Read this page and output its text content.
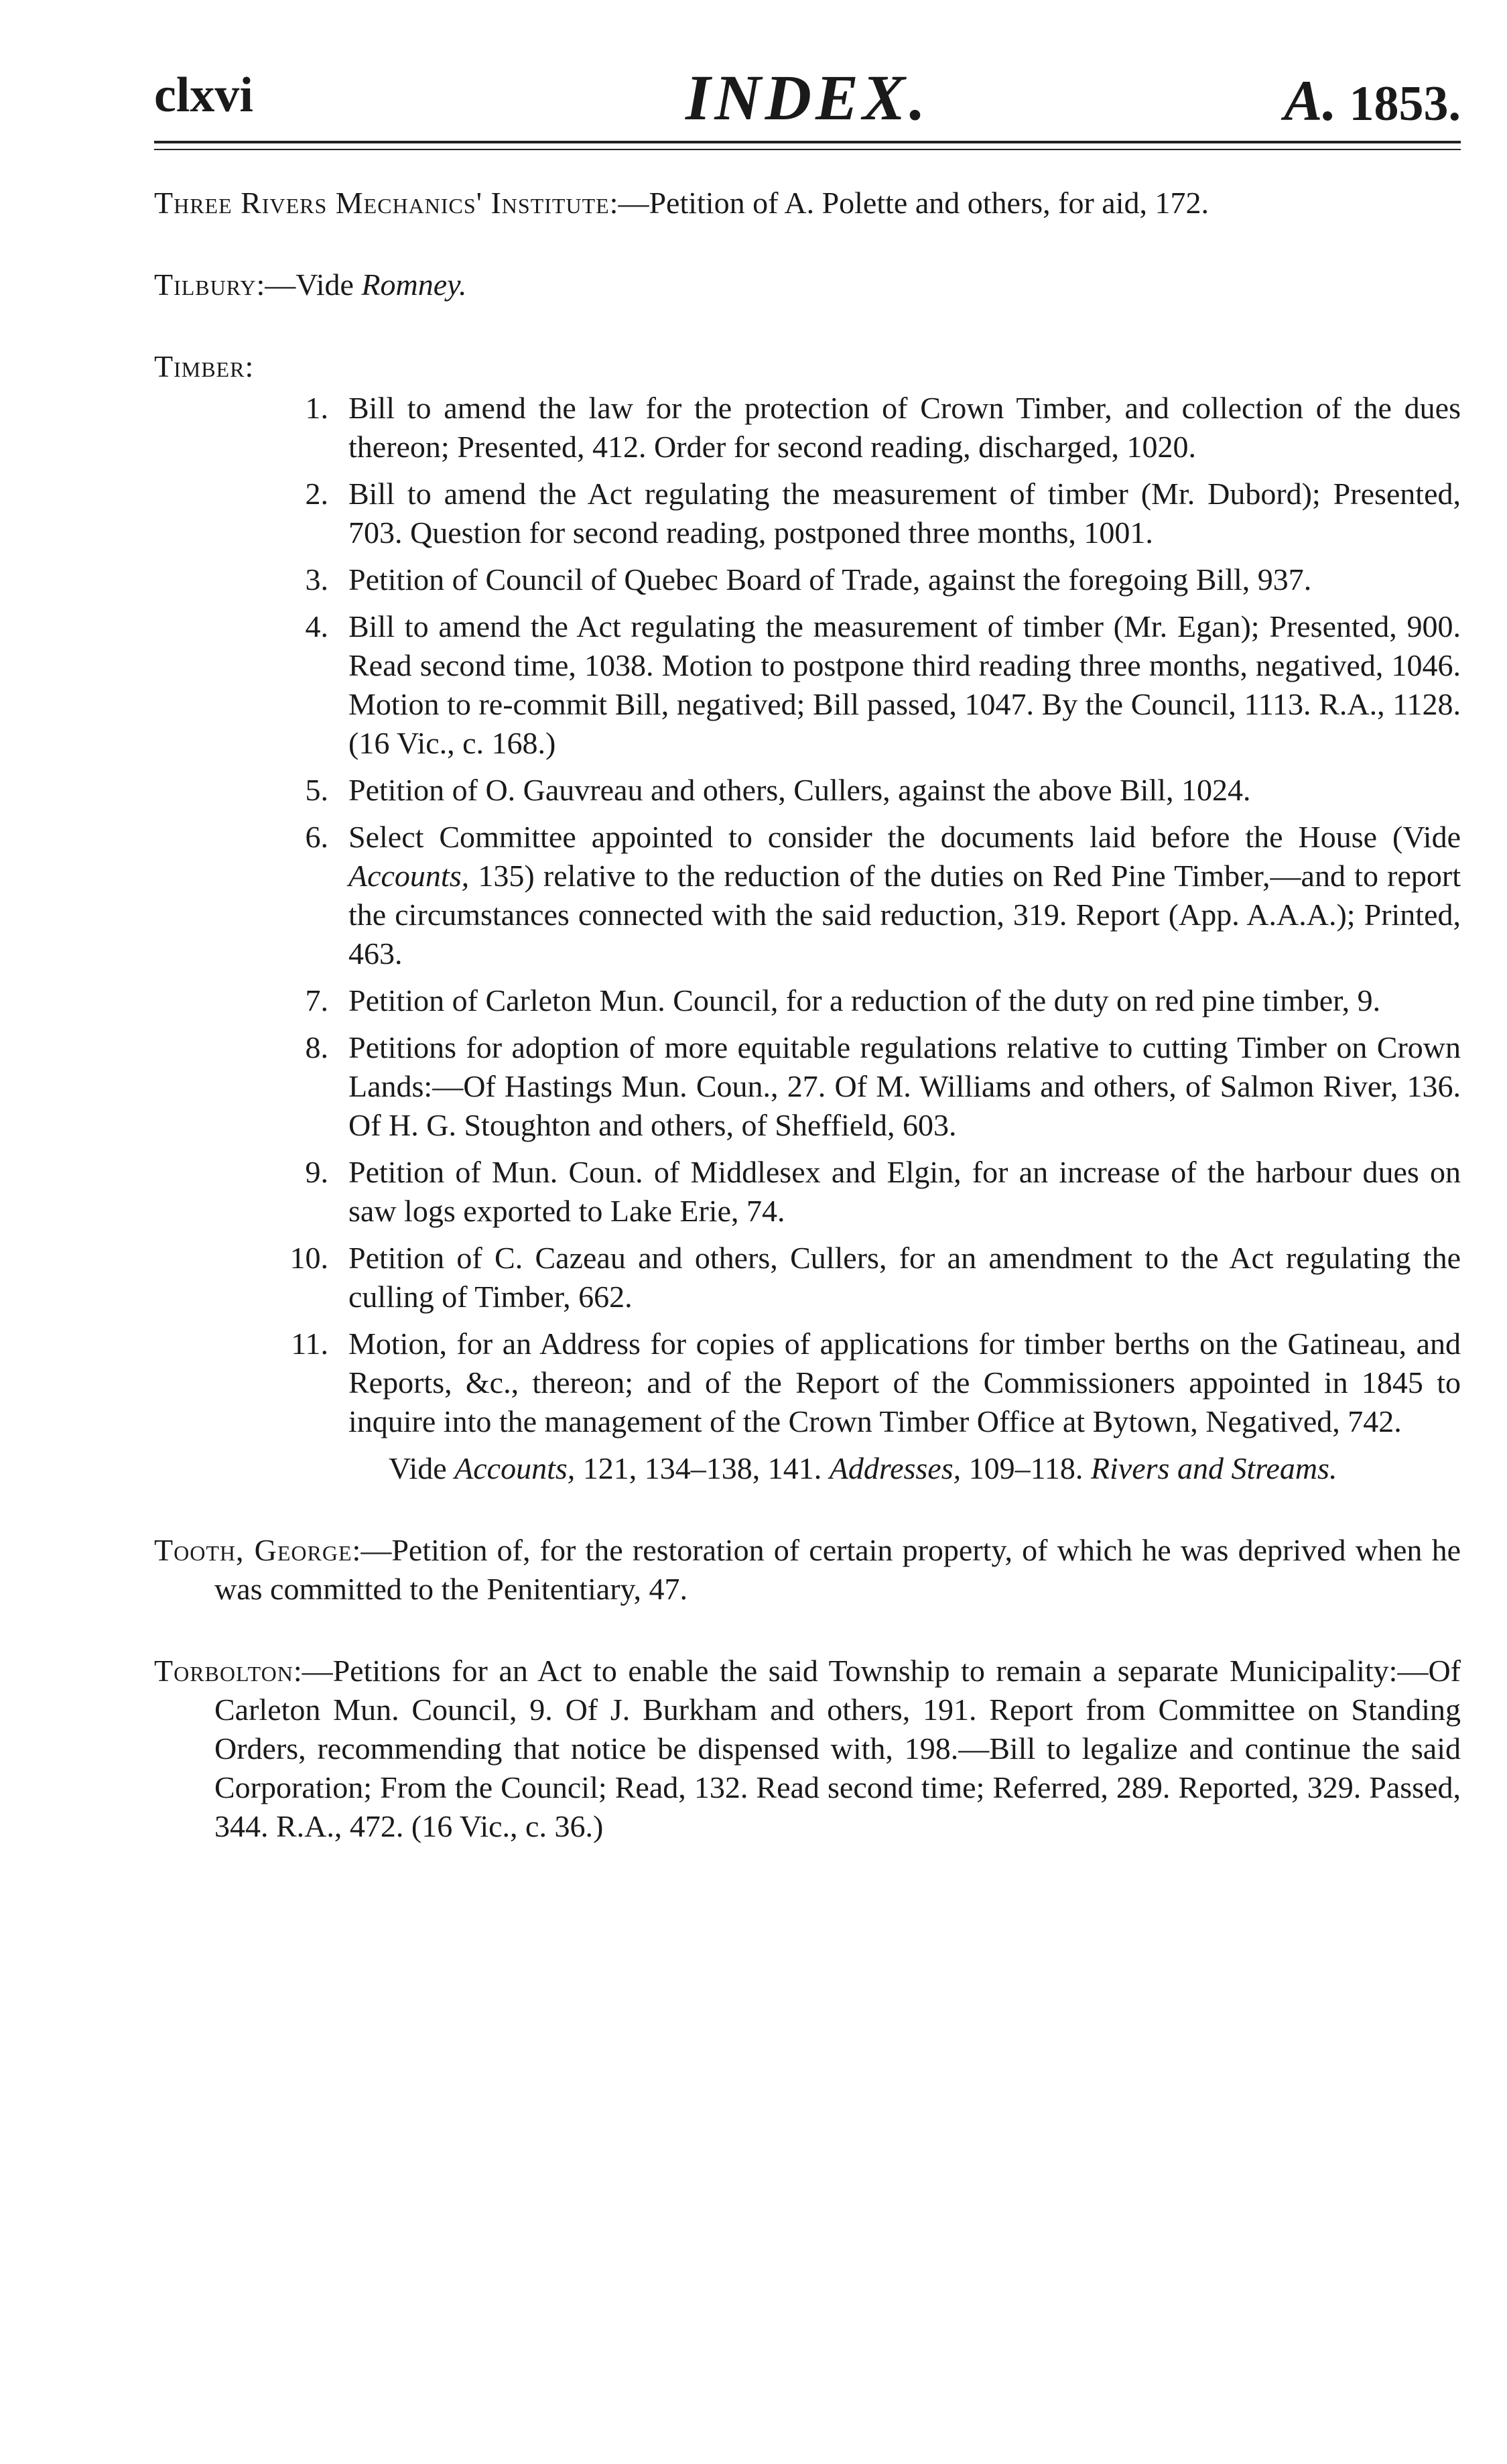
clxvi	INDEX.	A. 1853.

Three Rivers Mechanics' Institute:—Petition of A. Polette and others, for aid, 172.

Tilbury:—Vide Romney.

Timber:

1. Bill to amend the law for the protection of Crown Timber, and collection of the dues thereon; Presented, 412. Order for second reading, discharged, 1020.
2. Bill to amend the Act regulating the measurement of timber (Mr. Dubord); Presented, 703. Question for second reading, postponed three months, 1001.
3. Petition of Council of Quebec Board of Trade, against the foregoing Bill, 937.
4. Bill to amend the Act regulating the measurement of timber (Mr. Egan); Presented, 900. Read second time, 1038. Motion to postpone third reading three months, negatived, 1046. Motion to re-commit Bill, negatived; Bill passed, 1047. By the Council, 1113. R.A., 1128. (16 Vic., c. 168.)
5. Petition of O. Gauvreau and others, Cullers, against the above Bill, 1024.
6. Select Committee appointed to consider the documents laid before the House (Vide Accounts, 135) relative to the reduction of the duties on Red Pine Timber,—and to report the circumstances connected with the said reduction, 319. Report (App. A.A.A.); Printed, 463.
7. Petition of Carleton Mun. Council, for a reduction of the duty on red pine timber, 9.
8. Petitions for adoption of more equitable regulations relative to cutting Timber on Crown Lands:—Of Hastings Mun. Coun., 27. Of M. Williams and others, of Salmon River, 136. Of H. G. Stoughton and others, of Sheffield, 603.
9. Petition of Mun. Coun. of Middlesex and Elgin, for an increase of the harbour dues on saw logs exported to Lake Erie, 74.
10. Petition of C. Cazeau and others, Cullers, for an amendment to the Act regulating the culling of Timber, 662.
11. Motion, for an Address for copies of applications for timber berths on the Gatineau, and Reports, &c., thereon; and of the Report of the Commissioners appointed in 1845 to inquire into the management of the Crown Timber Office at Bytown, Negatived, 742.

Vide Accounts, 121, 134–138, 141. Addresses, 109–118. Rivers and Streams.

Tooth, George:—Petition of, for the restoration of certain property, of which he was deprived when he was committed to the Penitentiary, 47.

Torbolton:—Petitions for an Act to enable the said Township to remain a separate Municipality:—Of Carleton Mun. Council, 9. Of J. Burkham and others, 191. Report from Committee on Standing Orders, recommending that notice be dispensed with, 198.—Bill to legalize and continue the said Corporation; From the Council; Read, 132. Read second time; Referred, 289. Reported, 329. Passed, 344. R.A., 472. (16 Vic., c. 36.)
